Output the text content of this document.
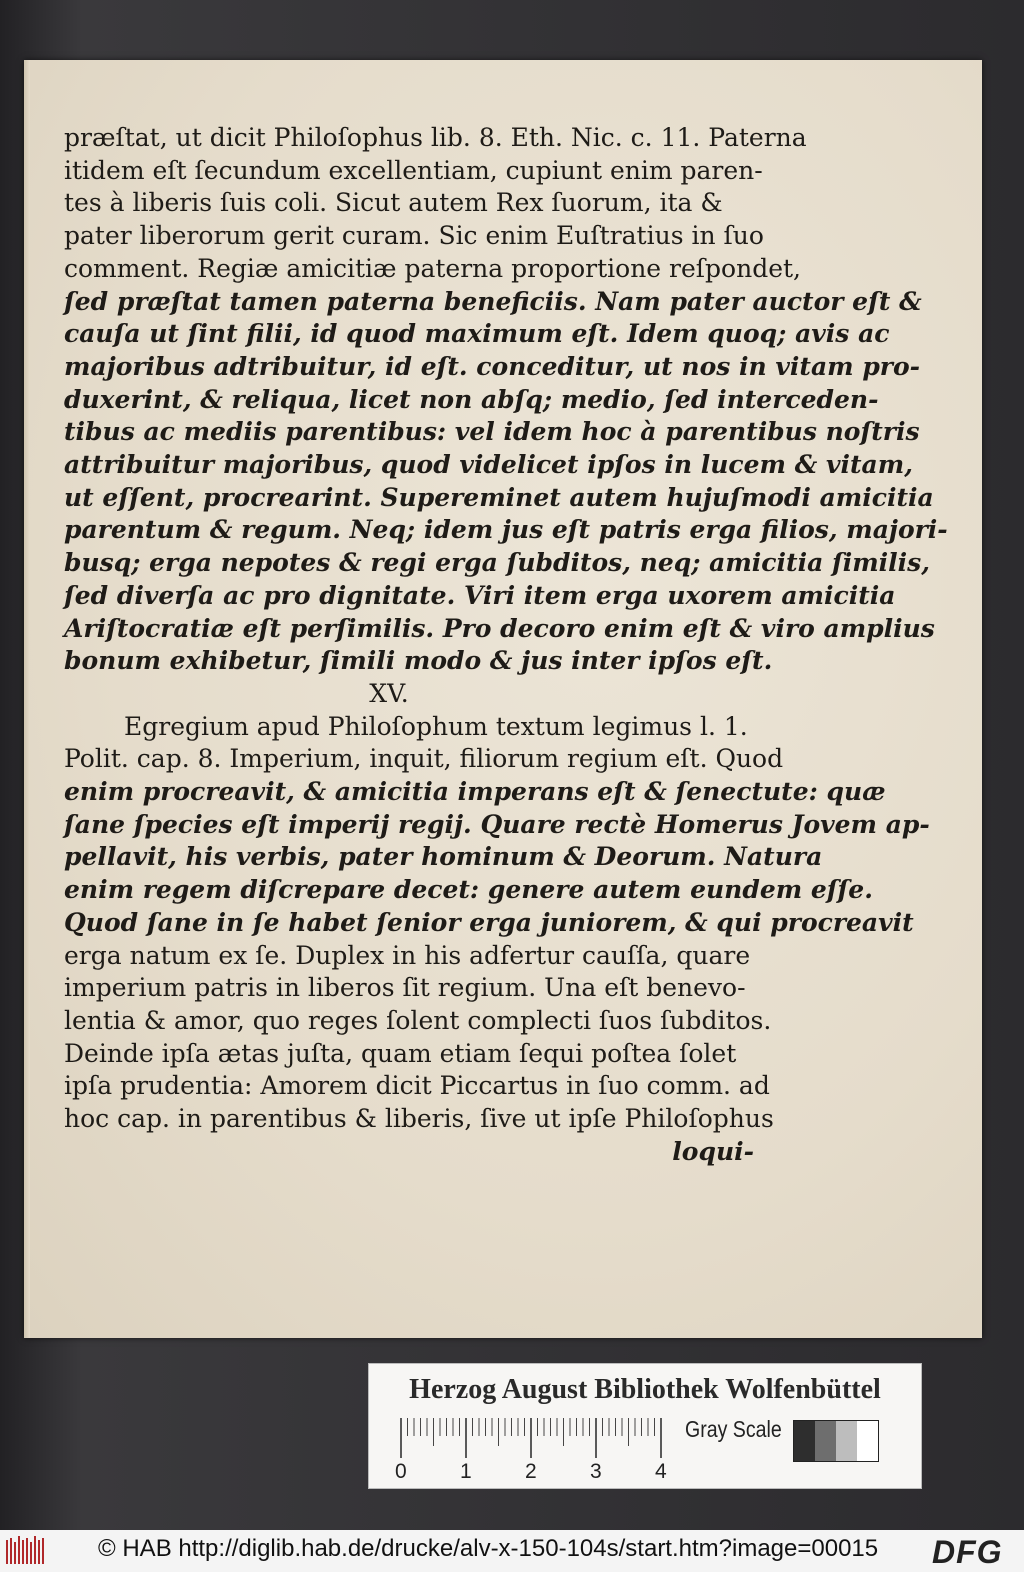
præſtat, ut dicit Philoſophus lib. 8. Eth. Nic. c. 11. Paterna
itidem eſt ſecundum excellentiam, cupiunt enim paren-
tes à liberis ſuis coli. Sicut autem Rex ſuorum, ita &
pater liberorum gerit curam. Sic enim Euſtratius in ſuo
comment. Regiæ amicitiæ paterna proportione reſpondet,
ſed præſtat tamen paterna beneficiis. Nam pater auctor eſt &
cauſa ut ſint filii, id quod maximum eſt. Idem quoq; avis ac
majoribus adtribuitur, id eſt. conceditur, ut nos in vitam pro-
duxerint, & reliqua, licet non abſq; medio, ſed interceden-
tibus ac mediis parentibus: vel idem hoc à parentibus noſtris
attribuitur majoribus, quod videlicet ipſos in lucem & vitam,
ut eſſent, procrearint. Supereminet autem hujuſmodi amicitia
parentum & regum. Neq; idem jus eſt patris erga filios, majori-
busq; erga nepotes & regi erga ſubditos, neq; amicitia ſimilis,
ſed diverſa ac pro dignitate. Viri item erga uxorem amicitia
Ariſtocratiæ eſt perſimilis. Pro decoro enim eſt & viro amplius
bonum exhibetur, ſimili modo & jus inter ipſos eſt.
XV.
Egregium apud Philoſophum textum legimus l. 1.
Polit. cap. 8. Imperium, inquit, filiorum regium eſt. Quod
enim procreavit, & amicitia imperans eſt & ſenectute: quæ
ſane ſpecies eſt imperij regij. Quare rectè Homerus Jovem ap-
pellavit, his verbis, pater hominum & Deorum. Natura
enim regem diſcrepare decet: genere autem eundem eſſe.
Quod ſane in ſe habet ſenior erga juniorem, & qui procreavit
erga natum ex ſe. Duplex in his adfertur cauſſa, quare
imperium patris in liberos ſit regium. Una eſt benevo-
lentia & amor, quo reges ſolent complecti ſuos ſubditos.
Deinde ipſa ætas juſta, quam etiam ſequi poſtea ſolet
ipſa prudentia: Amorem dicit Piccartus in ſuo comm. ad
hoc cap. in parentibus & liberis, ſive ut ipſe Philoſophus
loqui-
Herzog August Bibliothek Wolfenbüttel
0	1	2	3	4
Gray Scale
© HAB http://diglib.hab.de/drucke/alv-x-150-104s/start.htm?image=00015 DFG
